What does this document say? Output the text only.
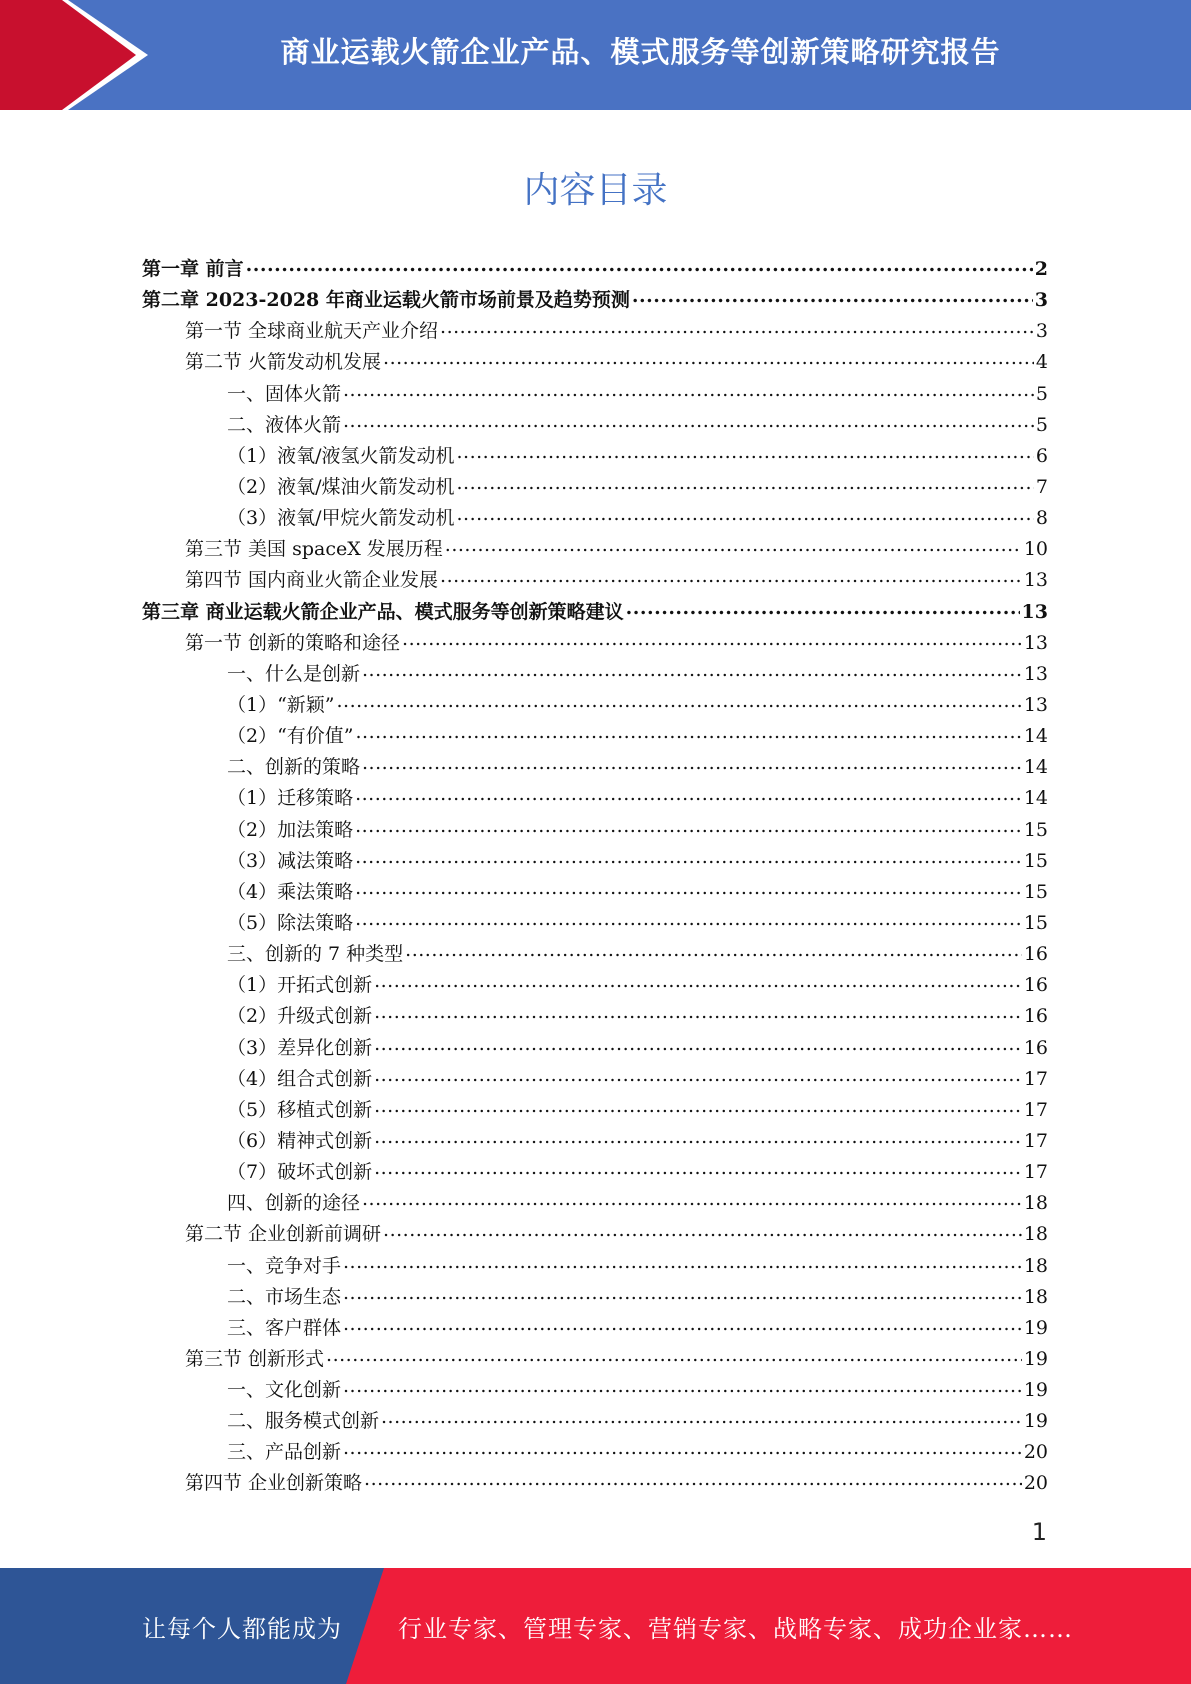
商业运载火箭企业产品、模式服务等创新策略研究报告
内容目录
第一章 前言 .....	2
第二章 2023-2028 年商业运载火箭市场前景及趋势预测 .....	3
第一节 全球商业航天产业介绍 .....	3
第二节 火箭发动机发展 .....	4
一、固体火箭 .....	5
二、液体火箭 .....	5
（1）液氧/液氢火箭发动机 .....	6
（2）液氧/煤油火箭发动机 .....	7
（3）液氧/甲烷火箭发动机 .....	8
第三节 美国 spaceX 发展历程 .....	10
第四节 国内商业火箭企业发展 .....	13
第三章 商业运载火箭企业产品、模式服务等创新策略建议 .....	13
第一节 创新的策略和途径 .....	13
一、什么是创新 .....	13
（1）“新颖” .....	13
（2）“有价值” .....	14
二、创新的策略 .....	14
（1）迁移策略 .....	14
（2）加法策略 .....	15
（3）减法策略 .....	15
（4）乘法策略 .....	15
（5）除法策略 .....	15
三、创新的 7 种类型 .....	16
（1）开拓式创新 .....	16
（2）升级式创新 .....	16
（3）差异化创新 .....	16
（4）组合式创新 .....	17
（5）移植式创新 .....	17
（6）精神式创新 .....	17
（7）破坏式创新 .....	17
四、创新的途径 .....	18
第二节 企业创新前调研 .....	18
一、竞争对手 .....	18
二、市场生态 .....	18
三、客户群体 .....	19
第三节 创新形式 .....	19
一、文化创新 .....	19
二、服务模式创新 .....	19
三、产品创新 .....	20
第四节 企业创新策略 .....	20
1
让每个人都能成为 行业专家、管理专家、营销专家、战略专家、成功企业家……
